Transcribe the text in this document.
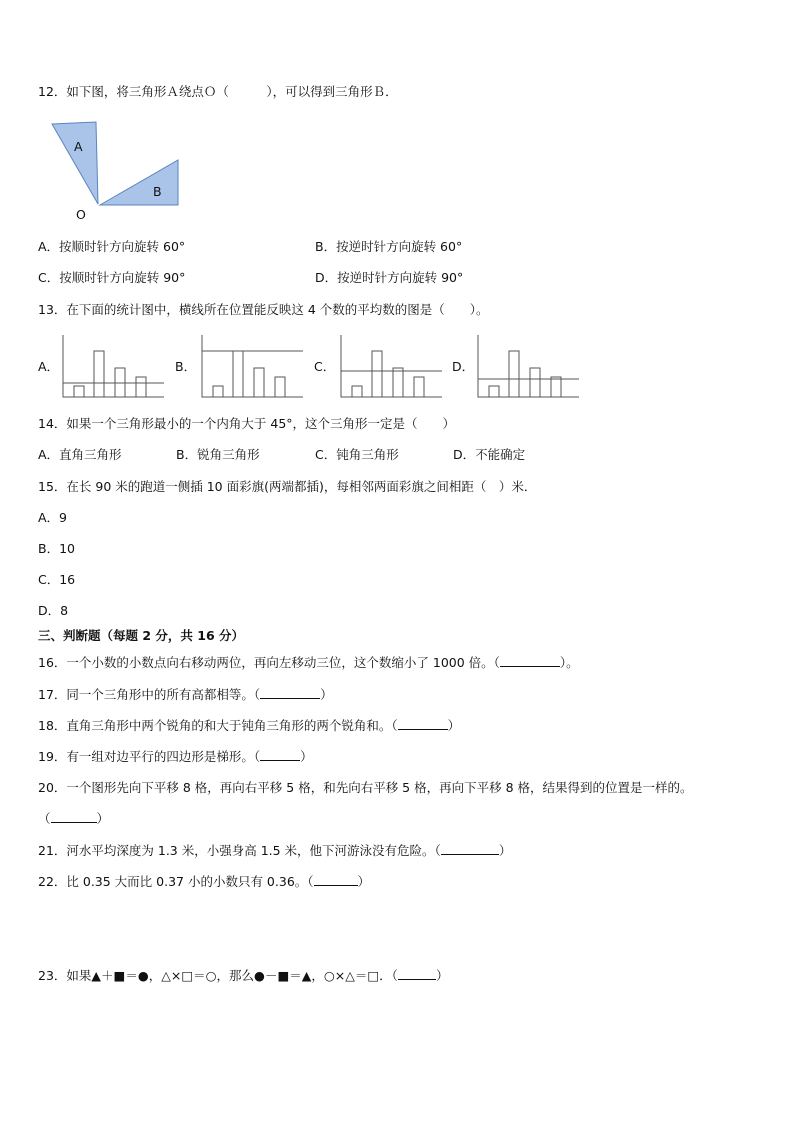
12．如下图，将三角形Ａ绕点Ｏ（　　　），可以得到三角形Ｂ．
A
B
O
A．按顺时针方向旋转 60°	B．按逆时针方向旋转 60°
C．按顺时针方向旋转 90°	D．按逆时针方向旋转 90°
13．在下面的统计图中，横线所在位置能反映这 4 个数的平均数的图是（　　）。
A．	B．	C．	D．
14．如果一个三角形最小的一个内角大于 45°，这个三角形一定是（　　）
A．直角三角形	B．锐角三角形	C．钝角三角形	D．不能确定
15．在长 90 米的跑道一侧插 10 面彩旗(两端都插)，每相邻两面彩旗之间相距（　）米．
A．9
B．10
C．16
D．8
三、判断题（每题 2 分，共 16 分）
16．一个小数的小数点向右移动两位，再向左移动三位，这个数缩小了 1000 倍。（	）。
17．同一个三角形中的所有高都相等。（	）
18．直角三角形中两个锐角的和大于钝角三角形的两个锐角和。（	）
19．有一组对边平行的四边形是梯形。（	）
20．一个图形先向下平移 8 格，再向右平移 5 格，和先向右平移 5 格，再向下平移 8 格，结果得到的位置是一样的。
（	）
21．河水平均深度为 1.3 米，小强身高 1.5 米，他下河游泳没有危险。（	）
22．比 0.35 大而比 0.37 小的小数只有 0.36。（	）
23．如果▲＋■＝●，△×□＝○，那么●－■＝▲，○×△＝□．（	）
